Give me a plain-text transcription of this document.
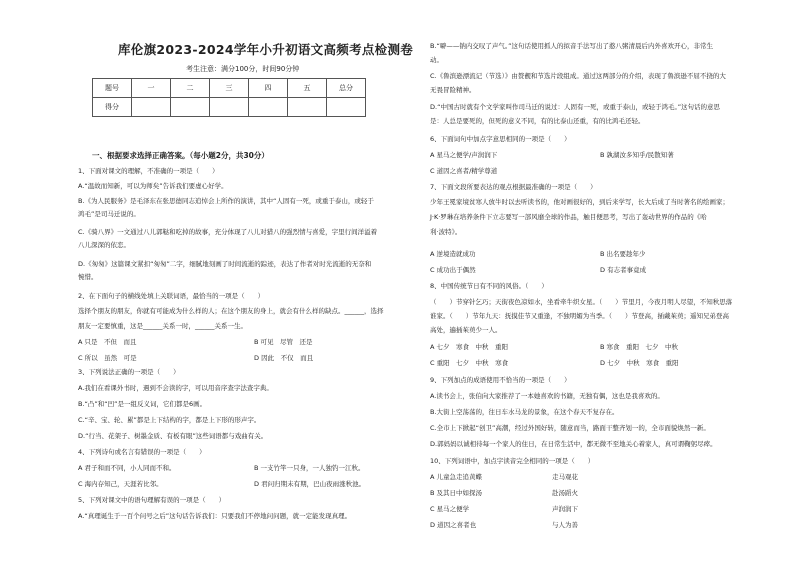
库伦旗2023-2024学年小升初语文高频考点检测卷
考生注意：满分100分，时间90分钟
题号	一	二	三	四	五	总分
得分						
一、根据要求选择正确答案。（每小题2分，共30分）
1、下面对课文的理解，不准确的一项是（　　）
A.“温故而知新，可以为师矣”告诉我们要虚心好学。
B.《为人民服务》是毛泽东在张思德同志追悼会上所作的演讲，其中“人固有一死，或重于泰山，或轻于
鸿毛”是司马迁说的。
C.《骑八界》一文通过八儿郭鞑和吃掉的故事，充分体现了八儿对猎八的强烈情与喜爱，字里行间洋溢着
八儿深深的依恋。
D.《匆匆》这篇课文紧扣“匆匆”二字，细腻地刻画了时间流逝的踪迹，表达了作者对时光流逝的无奈和
惋惜。
2、在下面句子的横线处填上关联词语，最恰当的一项是（　　）
选择个朋友的朋友，你就有可能成为什么样的人；在这个朋友的身上，就会有什么样的缺点。______，选择
朋友一定要慎重，这是______关系一时，______关系一生。
A 只是　不但　而且	B 可见　尽管　还是
C 所以　虽然　可是	D 因此　不仅　而且
3、下列说法正确的一项是（　　）
A.我们在看课外书时，遇到不会读的字，可以用音序查字法查字典。
B.“凸”和“凹”是一组反义词，它们都是6画。
C.“辛、宝、轮、累”都是上下结构的字，都是上下形的形声字。
D.“行当、花架子、树墨金质、有板有眼”这些词语都与戏曲有关。
4、下列诗句或名言有错误的一项是（　　）
A 君子和而不同，小人同而不和。	B 一支竹竿一只身，一人独钓一江秋。
C 海内存知己，天涯若比邻。	D 君问归期未有期，巴山夜雨涨秋池。
5、下列对课文中的语句理解有误的一项是（　　）
A.“真理诞生于一百个问号之后”这句话告诉我们：只要我们不停地问问题，就一定能发现真理。
B.“噼——钠内交叹了声气。”这句话使用抓人的拟音手法写出了憨八粥清晨后内外喜欢开心，非常生
动。
C.《鲁滨逊漂流记（节选）》由赘靓和节选片段组成。通过这两部分的介绍，表现了鲁滨逊不屈不挠的大
无畏冒险精神。
D.“中国古时就有个文学家叫作司马迁的说过：人固有一死，或重于泰山，或轻于鸿毛。”这句话的意思
是：人总是要死的，但死的意义不同，有的比泰山还重，有的比鸿毛还轻。
6、下面词句中加点字意思相同的一项是（　　）
A 星马之便学/声润润下	B 孰湖汝多知乎/民散知著
C 道因之喜者/精学尊道
7、下面文段所要表达的观点根据最准确的一项是（　　）
少年王冕家境贫寒人放牛时以去听读书的，他对画很好的，到后来学写，长大后成了当时著名的绘画家；
J·K·罗琳在培养条件下立志要写一部风靡全球的作品，触目便思考，写出了轰动世界的作品的《哈
利·波特》。
A 逆境造就成功	B 出名要趁年少
C 成功出于偶然	D 有志者事竟成
8、中国传统节日有不同的风俗。（　　）
（　　）节穿针乞巧；天街夜色凉如水，坐看牵牛织女星。（　　）节里月，今夜月明人尽望，不知秋思落
谁家。（　　）节年九天：抚摸佳节又重逢，不独明媚为当季。（　　）节登高，插戴茱萸；遥知兄弟登高
高处，遍插茱萸少一人。
A 七夕　寒食　中秋　重阳	B 寒食　重阳　七夕　中秋
C 重阳　七夕　中秋　寒食	D 七夕　中秋　寒食　重阳
9、下列加点的成语使用不恰当的一项是（　　）
A.读书会上，张伯向大家推荐了一本她喜欢的书籍，无独有偶，这也是我喜欢的。
B.大街上空荡荡的，往日车水马龙的景象，在这个春天不复存在。
C.全市上下掀起“创卫”高潮，经过外国好转，随意而当，路面干整齐划一的，全市面貌焕然一新。
D.郭妈妈以诚相待每一个家人的住日，在日常生活中，都无微不至地关心着家人，真可谓鞠躬尽瘁。
10、下列词语中，加点字读音完全相同的一项是（　　）
A 儿童急走追黄蝶	走马观花
B 及其日中如探汤	赴汤蹈火
C 星马之便学	声润润下
D 道因之喜者也	与人为善
